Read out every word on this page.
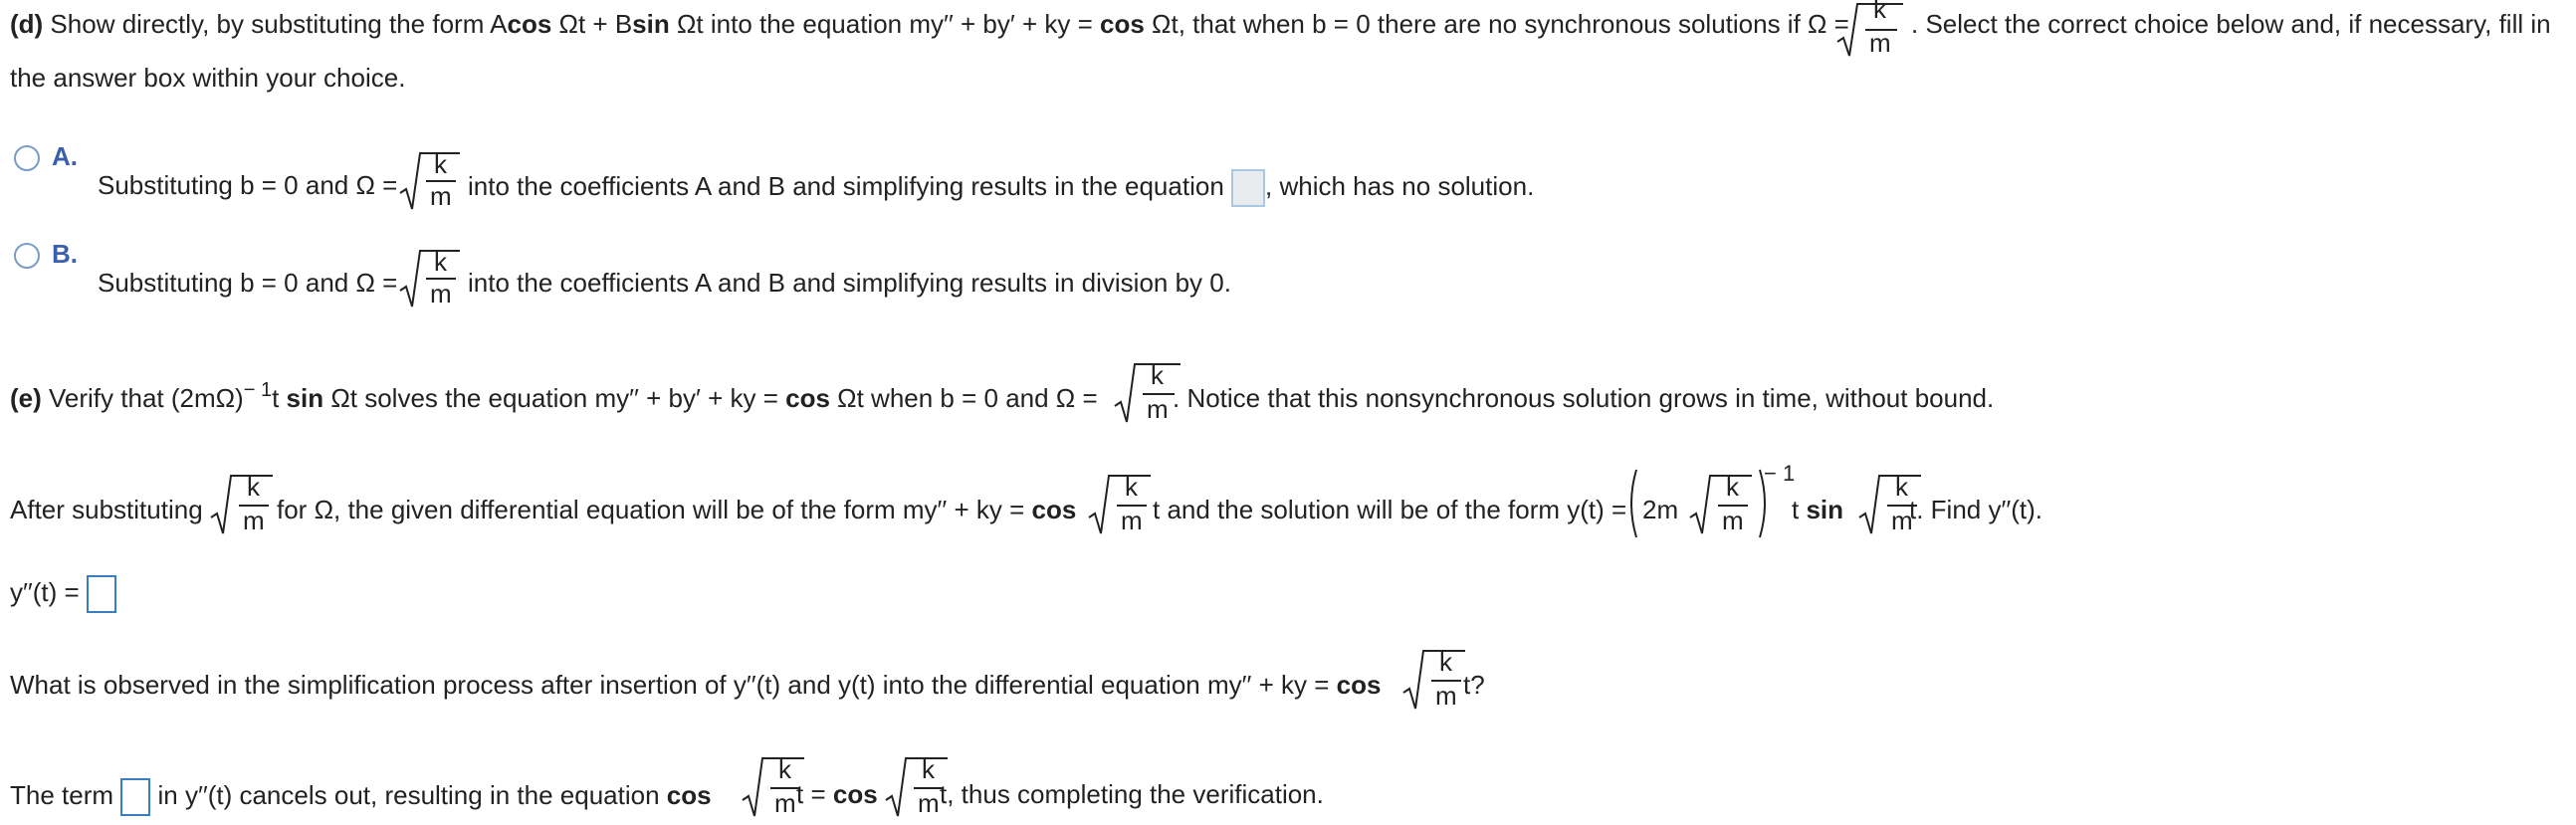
(d) Show directly, by substituting the form Acos Ωt + Bsin Ωt into the equation my′′ + by′ + ky = cos Ωt, that when b = 0 there are no synchronous solutions if Ω = k
m
. Select the correct choice below and, if necessary, fill in
the answer box within your choice.
A.
Substituting b = 0 and Ω =
k
m into the coefficients A and B and simplifying results in the equation , which has no solution.
B.
Substituting b = 0 and Ω =
k
m into the coefficients A and B and simplifying results in division by 0.
(e) Verify that $(2m\Omega)^{- 1}t$ sin Ωt solves the equation my′′ + by′ + ky = cos Ωt when b = 0 and Ω =
k
m . Notice that this nonsynchronous solution grows in time, without bound.
After substituting
k
m for Ω, the given differential equation will be of the form my′′ + ky = cos
k
m t and the solution will be of the form y(t) = 2m
k
m
− 1
t sin
k
m
t. Find y′′(t).
y′′(t) =
What is observed in the simplification process after insertion of y′′(t) and y(t) into the differential equation my′′ + ky = cos
k
m t?
The term in y′′(t) cancels out, resulting in the equation cos
k
m t = cos
k
m t, thus completing the verification.
